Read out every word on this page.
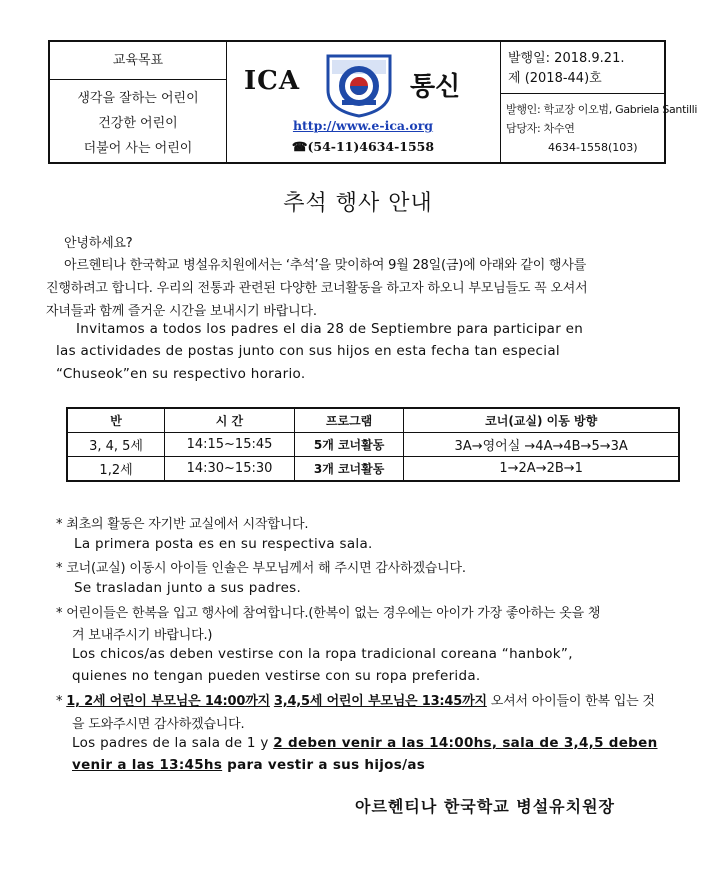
교육목표
생각을 잘하는 어린이
건강한 어린이
더불어 사는 어린이
ICA	통신
http://www.e-ica.org
☎(54-11)4634-1558
발행일: 2018.9.21.
제 (2018-44)호
발행인: 학교장 이오범, Gabriela Santilli
담당자: 차수연
4634-1558(103)
추석 행사 안내
안녕하세요?
아르헨티나 한국학교 병설유치원에서는 ‘추석’을 맞이하여 9월 28일(금)에 아래와 같이 행사를
진행하려고 합니다. 우리의 전통과 관련된 다양한 코너활동을 하고자 하오니 부모님들도 꼭 오셔서
자녀들과 함께 즐거운 시간을 보내시기 바랍니다.
Invitamos a todos los padres el dia 28 de Septiembre para participar en
las actividades de postas junto con sus hijos en esta fecha tan especial
“Chuseok”en su respectivo horario.
반	시 간	프로그램	코너(교실) 이동 방향
3, 4, 5세	14:15~15:45	5개 코너활동	3A→영어실 →4A→4B→5→3A
1,2세	14:30~15:30	3개 코너활동	1→2A→2B→1
* 최초의 활동은 자기반 교실에서 시작합니다.
La primera posta es en su respectiva sala.
* 코너(교실) 이동시 아이들 인솔은 부모님께서 해 주시면 감사하겠습니다.
Se trasladan junto a sus padres.
* 어린이들은 한복을 입고 행사에 참여합니다.(한복이 없는 경우에는 아이가 가장 좋아하는 옷을 챙
겨 보내주시기 바랍니다.)
Los chicos/as deben vestirse con la ropa tradicional coreana “hanbok”,
quienes no tengan pueden vestirse con su ropa preferida.
* 1, 2세 어린이 부모님은 14:00까지 3,4,5세 어린이 부모님은 13:45까지 오셔서 아이들이 한복 입는 것
을 도와주시면 감사하겠습니다.
Los padres de la sala de 1 y 2 deben venir a las 14:00hs, sala de 3,4,5 deben
venir a las 13:45hs para vestir a sus hijos/as
아르헨티나 한국학교 병설유치원장
